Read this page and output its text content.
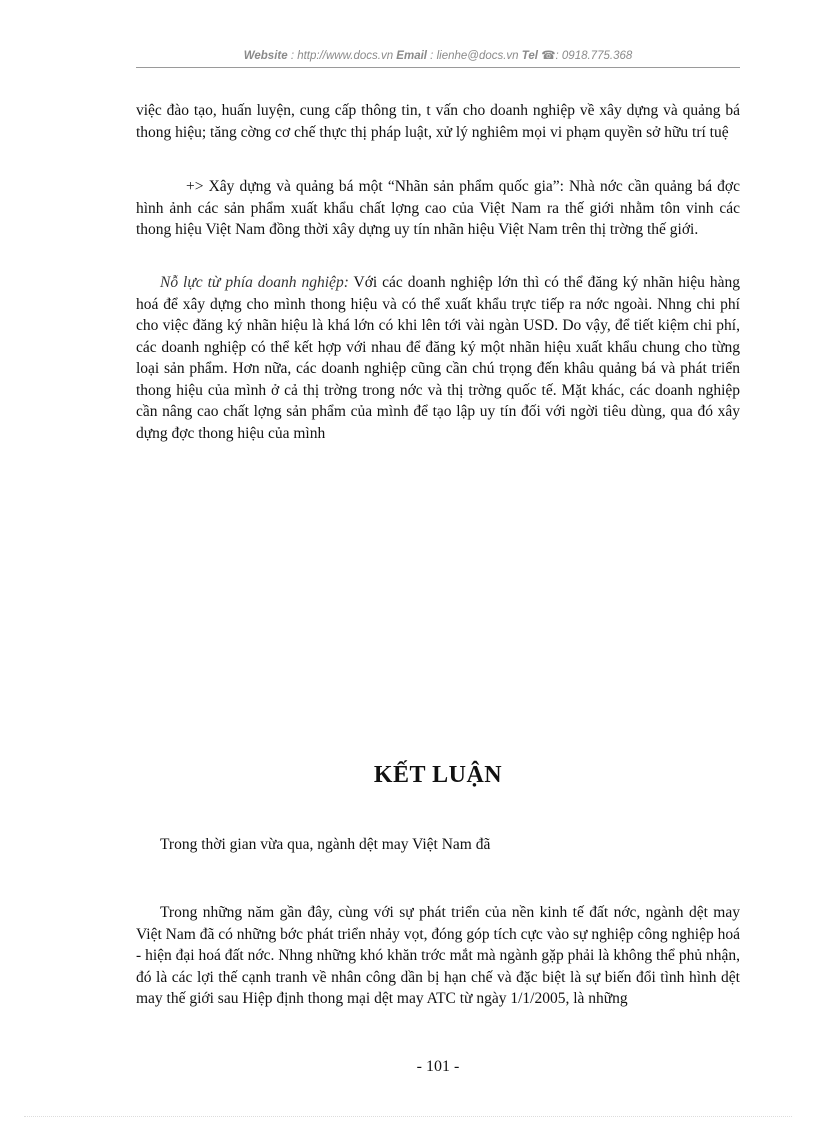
Website : http://www.docs.vn Email : lienhe@docs.vn Tel ☎: 0918.775.368

việc đào tạo, huấn luyện, cung cấp thông tin, t vấn cho doanh nghiệp về xây dựng và quảng bá thong hiệu; tăng cờng cơ chế thực thị pháp luật, xử lý nghiêm mọi vi phạm quyền sở hữu trí tuệ

+> Xây dựng và quảng bá một “Nhãn sản phẩm quốc gia”: Nhà nớc cần quảng bá đợc hình ảnh các sản phẩm xuất khẩu chất lợng cao của Việt Nam ra thế giới nhằm tôn vinh các thong hiệu Việt Nam đồng thời xây dựng uy tín nhãn hiệu Việt Nam trên thị trờng thế giới.

Nỗ lực từ phía doanh nghiệp: Với các doanh nghiệp lớn thì có thể đăng ký nhãn hiệu hàng hoá để xây dựng cho mình thong hiệu và có thể xuất khẩu trực tiếp ra nớc ngoài. Nhng chi phí cho việc đăng ký nhãn hiệu là khá lớn có khi lên tới vài ngàn USD. Do vậy, để tiết kiệm chi phí, các doanh nghiệp có thể kết hợp với nhau để đăng ký một nhãn hiệu xuất khẩu chung cho từng loại sản phẩm. Hơn nữa, các doanh nghiệp cũng cần chú trọng đến khâu quảng bá và phát triển thong hiệu của mình ở cả thị trờng trong nớc và thị trờng quốc tế. Mặt khác, các doanh nghiệp cần nâng cao chất lợng sản phẩm của mình để tạo lập uy tín đối với ngời tiêu dùng, qua đó xây dựng đợc thong hiệu của mình

KẾT LUẬN

Trong thời gian vừa qua, ngành dệt may Việt Nam đã

Trong những năm gần đây, cùng với sự phát triển của nền kinh tế đất nớc, ngành dệt may Việt Nam đã có những bớc phát triển nhảy vọt, đóng góp tích cực vào sự nghiệp công nghiệp hoá - hiện đại hoá đất nớc. Nhng những khó khăn trớc mắt mà ngành gặp phải là không thể phủ nhận, đó là các lợi thế cạnh tranh về nhân công dần bị hạn chế và đặc biệt là sự biến đổi tình hình dệt may thế giới sau Hiệp định thong mại dệt may ATC từ ngày 1/1/2005, là những

- 101 -
